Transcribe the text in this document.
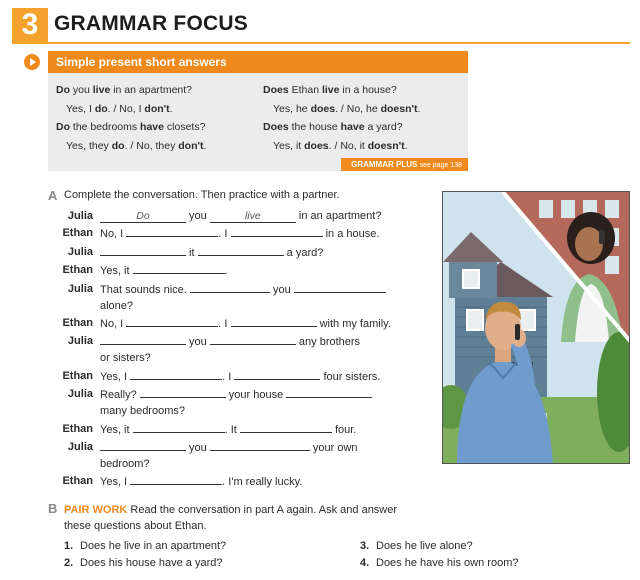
3 GRAMMAR FOCUS
Simple present short answers
Do you live in an apartment?
Yes, I do. / No, I don't.
Do the bedrooms have closets?
Yes, they do. / No, they don't.
Does Ethan live in a house?
Yes, he does. / No, he doesn't.
Does the house have a yard?
Yes, it does. / No, it doesn't.
GRAMMAR PLUS see page 138
A Complete the conversation. Then practice with a partner.
Julia	Do	you	live	in an apartment?
Ethan No, I	. I	in a house.
Julia	it	a yard?
Ethan Yes, it	.
Julia That sounds nice.	you
alone?
Ethan No, I	. I	with my family.
Julia	you	any brothers
or sisters?
Ethan Yes, I	. I	four sisters.
Julia Really?	your house
many bedrooms?
Ethan Yes, it	. It	four.
Julia	you	your own
bedroom?
Ethan Yes, I	. I'm really lucky.
B PAIR WORK Read the conversation in part A again. Ask and answer
these questions about Ethan.
1. Does he live in an apartment?
2. Does his house have a yard?
3. Does he live alone?
4. Does he have his own room?
